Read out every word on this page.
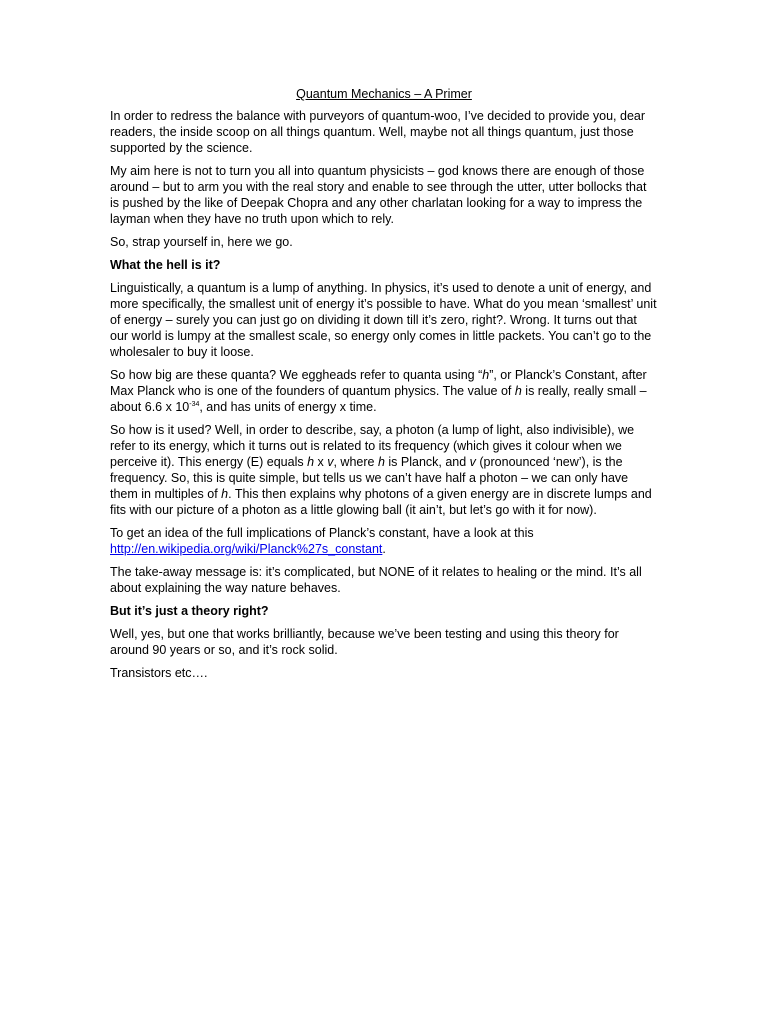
Quantum Mechanics – A Primer

In order to redress the balance with purveyors of quantum-woo, I’ve decided to provide you, dear readers, the inside scoop on all things quantum. Well, maybe not all things quantum, just those supported by the science.

My aim here is not to turn you all into quantum physicists – god knows there are enough of those around – but to arm you with the real story and enable to see through the utter, utter bollocks that is pushed by the like of Deepak Chopra and any other charlatan looking for a way to impress the layman when they have no truth upon which to rely.

So, strap yourself in, here we go.

What the hell is it?

Linguistically, a quantum is a lump of anything. In physics, it’s used to denote a unit of energy, and more specifically, the smallest unit of energy it’s possible to have. What do you mean ‘smallest’ unit of energy – surely you can just go on dividing it down till it’s zero, right?. Wrong. It turns out that our world is lumpy at the smallest scale, so energy only comes in little packets. You can’t go to the wholesaler to buy it loose.

So how big are these quanta? We eggheads refer to quanta using “h”, or Planck’s Constant, after Max Planck who is one of the founders of quantum physics. The value of h is really, really small – about 6.6 x $10^{-34}$, and has units of energy x time.

So how is it used? Well, in order to describe, say, a photon (a lump of light, also indivisible), we refer to its energy, which it turns out is related to its frequency (which gives it colour when we perceive it). This energy (E) equals h x v, where h is Planck, and v (pronounced ‘new’), is the frequency. So, this is quite simple, but tells us we can’t have half a photon – we can only have them in multiples of h. This then explains why photons of a given energy are in discrete lumps and fits with our picture of a photon as a little glowing ball (it ain’t, but let’s go with it for now).

To get an idea of the full implications of Planck’s constant, have a look at this http://en.wikipedia.org/wiki/Planck%27s_constant.

The take-away message is: it’s complicated, but NONE of it relates to healing or the mind. It’s all about explaining the way nature behaves.

But it’s just a theory right?

Well, yes, but one that works brilliantly, because we’ve been testing and using this theory for around 90 years or so, and it’s rock solid.

Transistors etc….
